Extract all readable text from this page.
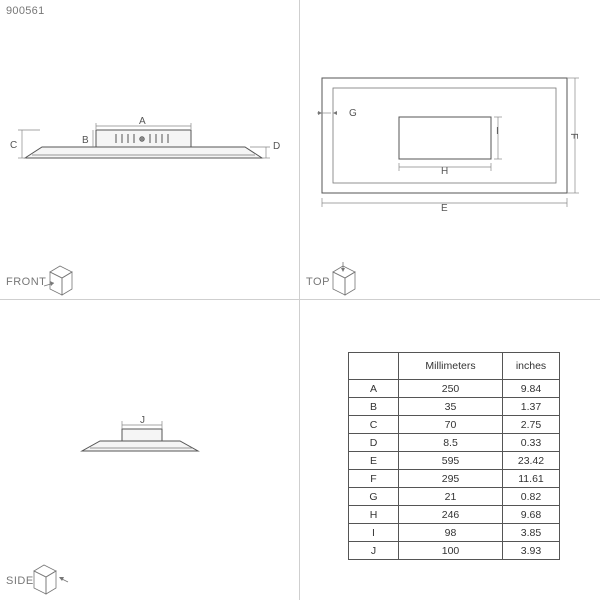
900561
A
B
C	D
G
H
I	F
E
J
FRONT	TOP
SIDE
	Millimeters	inches
A	250	9.84
B	35	1.37
C	70	2.75
D	8.5	0.33
E	595	23.42
F	295	11.61
G	21	0.82
H	246	9.68
I	98	3.85
J	100	3.93
